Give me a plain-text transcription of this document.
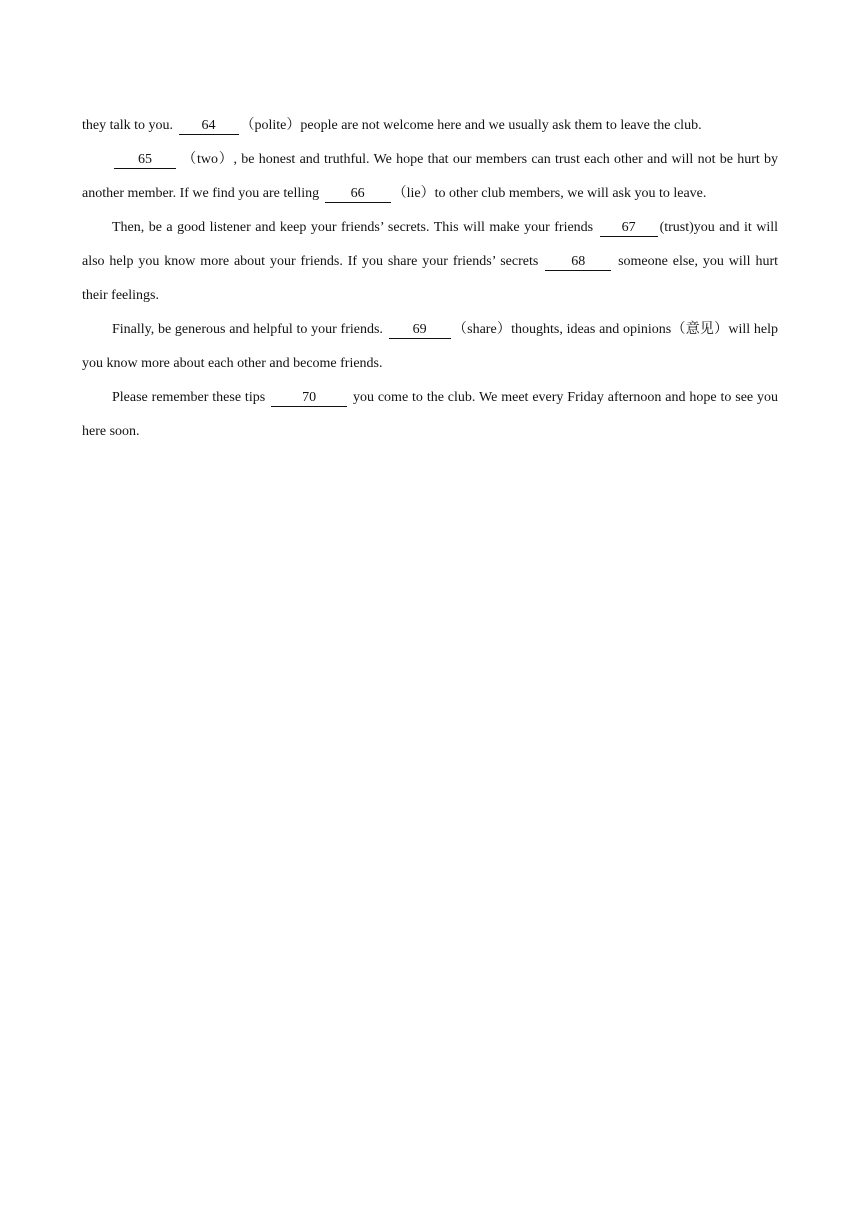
they talk to you. 64 （polite）people are not welcome here and we usually ask them to leave the club.

65 （two）, be honest and truthful. We hope that our members can trust each other and will not be hurt by another member. If we find you are telling 66 （lie）to other club members, we will ask you to leave.

Then, be a good listener and keep your friends’ secrets. This will make your friends 67 (trust)you and it will also help you know more about your friends. If you share your friends’ secrets 68 someone else, you will hurt their feelings.

Finally, be generous and helpful to your friends. 69 （share）thoughts, ideas and opinions（意见）will help you know more about each other and become friends.

Please remember these tips	70	you come to the club. We meet every Friday afternoon and hope to see you here soon.
